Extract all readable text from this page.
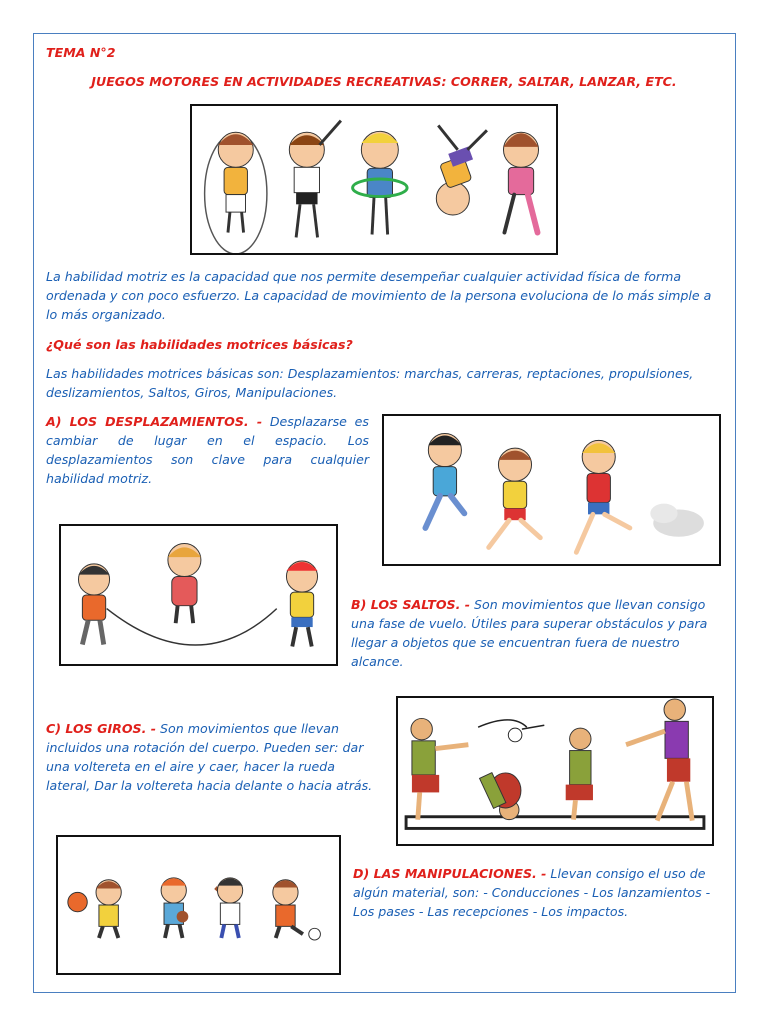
TEMA N°2

JUEGOS MOTORES EN ACTIVIDADES RECREATIVAS: CORRER, SALTAR, LANZAR, ETC.

La habilidad motriz es la capacidad que nos permite desempeñar cualquier actividad física de forma ordenada y con poco esfuerzo. La capacidad de movimiento de la persona evoluciona de lo más simple a lo más organizado.

¿Qué son las habilidades motrices básicas?

Las habilidades motrices básicas son: Desplazamientos: marchas, carreras, reptaciones, propulsiones, deslizamientos, Saltos, Giros, Manipulaciones.

A) LOS DESPLAZAMIENTOS. - Desplazarse es cambiar de lugar en el espacio. Los desplazamientos son clave para cualquier habilidad motriz.

B) LOS SALTOS. - Son movimientos que llevan consigo una fase de vuelo. Útiles para superar obstáculos y para llegar a objetos que se encuentran fuera de nuestro alcance.

C) LOS GIROS. - Son movimientos que llevan incluidos una rotación del cuerpo. Pueden ser: dar una voltereta en el aire y caer, hacer la rueda lateral, Dar la voltereta hacia delante o hacia atrás.

D) LAS MANIPULACIONES. - Llevan consigo el uso de algún material, son: - Conducciones - Los lanzamientos - Los pases - Las recepciones - Los impactos.
